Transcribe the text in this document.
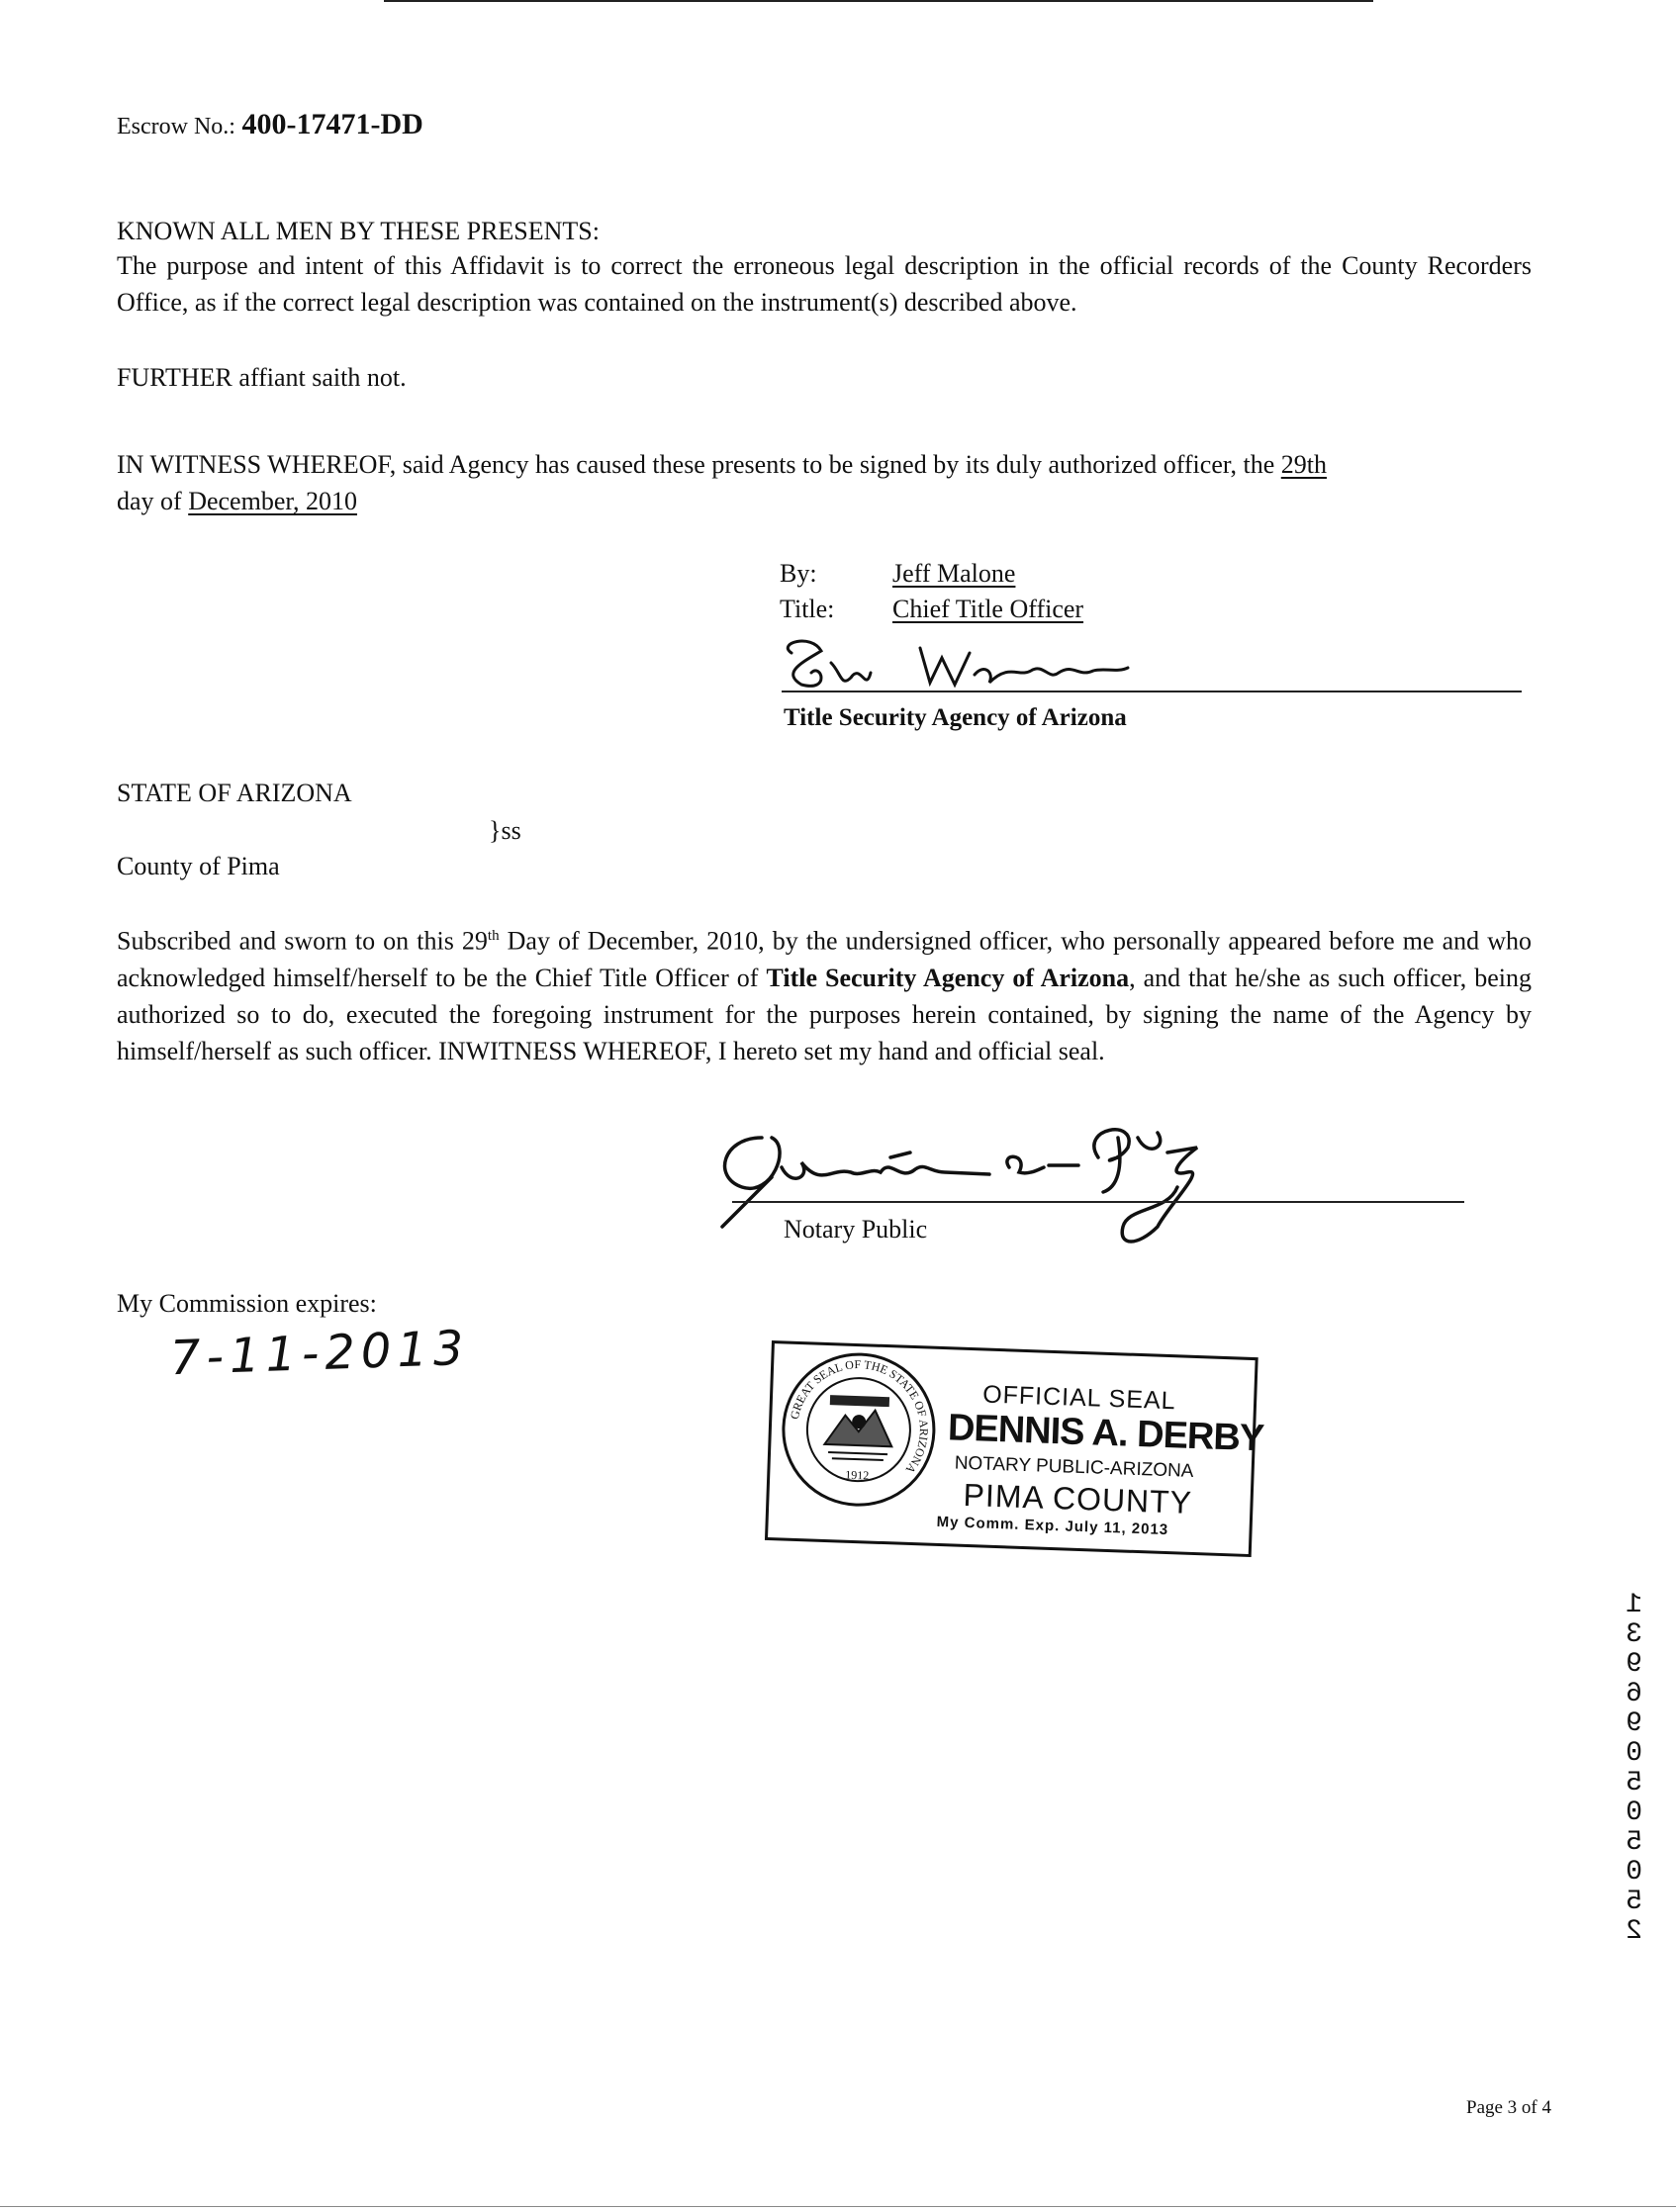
Escrow No.: 400-17471-DD
KNOWN ALL MEN BY THESE PRESENTS:
The purpose and intent of this Affidavit is to correct the erroneous legal description in the official records of the County Recorders Office, as if the correct legal description was contained on the instrument(s) described above.
FURTHER affiant saith not.
IN WITNESS WHEREOF, said Agency has caused these presents to be signed by its duly authorized officer, the 29th
day of December, 2010
By:	Jeff Malone
Title: Chief Title Officer
Title Security Agency of Arizona
STATE OF ARIZONA
}ss
County of Pima
Subscribed and sworn to on this 29th Day of December, 2010, by the undersigned officer, who personally appeared before me and who acknowledged himself/herself to be the Chief Title Officer of Title Security Agency of Arizona, and that he/she as such officer, being authorized so to do, executed the foregoing instrument for the purposes herein contained, by signing the name of the Agency by himself/herself as such officer. INWITNESS WHEREOF, I hereto set my hand and official seal.
Notary Public
My Commission expires:
7-11-2013
GREAT SEAL OF THE STATE OF ARIZONA
1912
OFFICIAL SEAL
DENNIS A. DERBY
NOTARY PUBLIC-ARIZONA
PIMA COUNTY
My Comm. Exp. July 11, 2013
1 3 9 6 9 0 5 0 5 0 5 2
Page 3 of 4
